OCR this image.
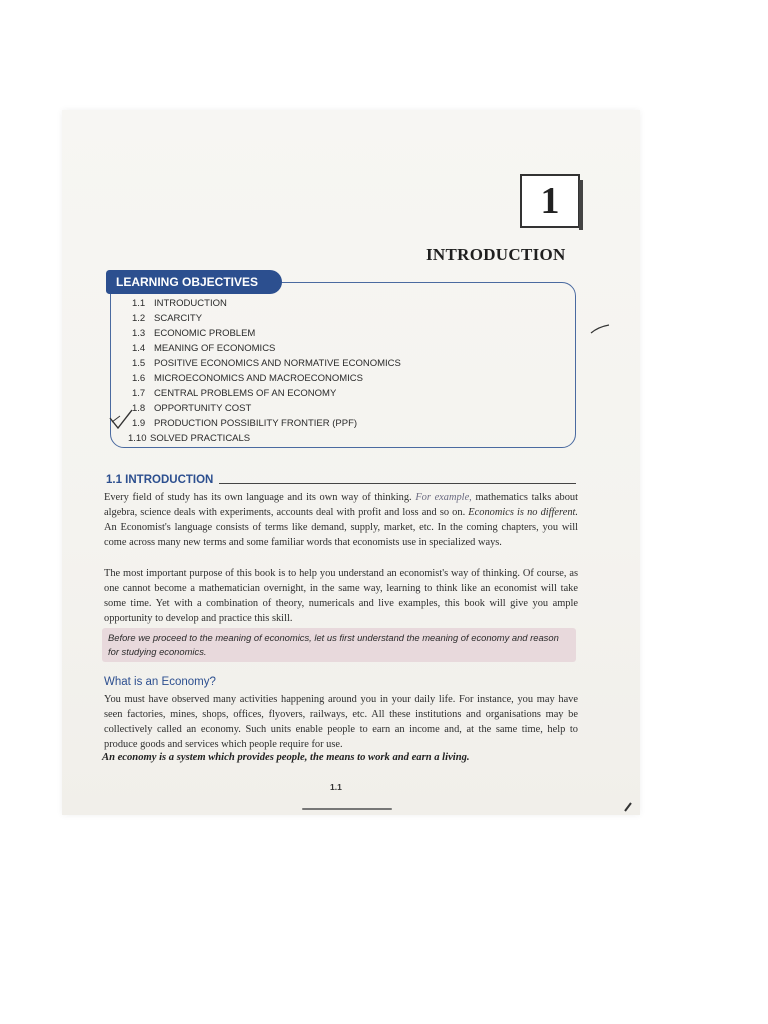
1
INTRODUCTION
LEARNING OBJECTIVES
1.1 INTRODUCTION
1.2 SCARCITY
1.3 ECONOMIC PROBLEM
1.4 MEANING OF ECONOMICS
1.5 POSITIVE ECONOMICS AND NORMATIVE ECONOMICS
1.6 MICROECONOMICS AND MACROECONOMICS
1.7 CENTRAL PROBLEMS OF AN ECONOMY
1.8 OPPORTUNITY COST
1.9 PRODUCTION POSSIBILITY FRONTIER (PPF)
1.10 SOLVED PRACTICALS
1.1 INTRODUCTION

Every field of study has its own language and its own way of thinking. For example, mathematics talks about algebra, science deals with experiments, accounts deal with profit and loss and so on. Economics is no different. An Economist's language consists of terms like demand, supply, market, etc. In the coming chapters, you will come across many new terms and some familiar words that economists use in specialized ways.

The most important purpose of this book is to help you understand an economist's way of thinking. Of course, as one cannot become a mathematician overnight, in the same way, learning to think like an economist will take some time. Yet with a combination of theory, numericals and live examples, this book will give you ample opportunity to develop and practice this skill.

Before we proceed to the meaning of economics, let us first understand the meaning of economy and reason for studying economics.
What is an Economy?

You must have observed many activities happening around you in your daily life. For instance, you may have seen factories, mines, shops, offices, flyovers, railways, etc. All these institutions and organisations may be collectively called an economy. Such units enable people to earn an income and, at the same time, help to produce goods and services which people require for use.

An economy is a system which provides people, the means to work and earn a living.
1.1
